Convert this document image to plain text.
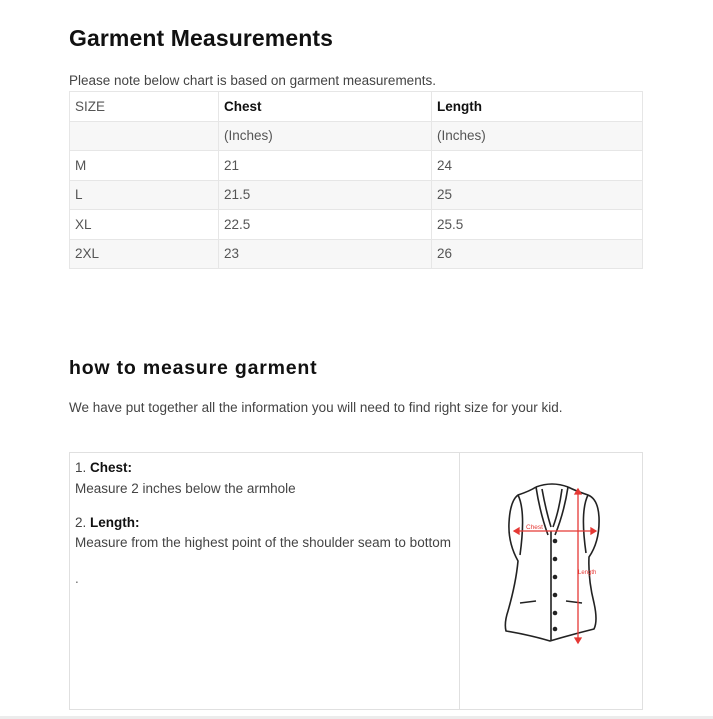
Garment Measurements
Please note below chart is based on garment measurements.
SIZE	Chest	Length
	(Inches)	(Inches)
M	21	24
L	21.5	25
XL	22.5	25.5
2XL	23	26
how to measure garment
We have put together all the information you will need to find right size for your kid.
1. Chest:
Measure 2 inches below the armhole
2. Length:
Measure from the highest point of the shoulder seam to bottom
.
Chest
Length
